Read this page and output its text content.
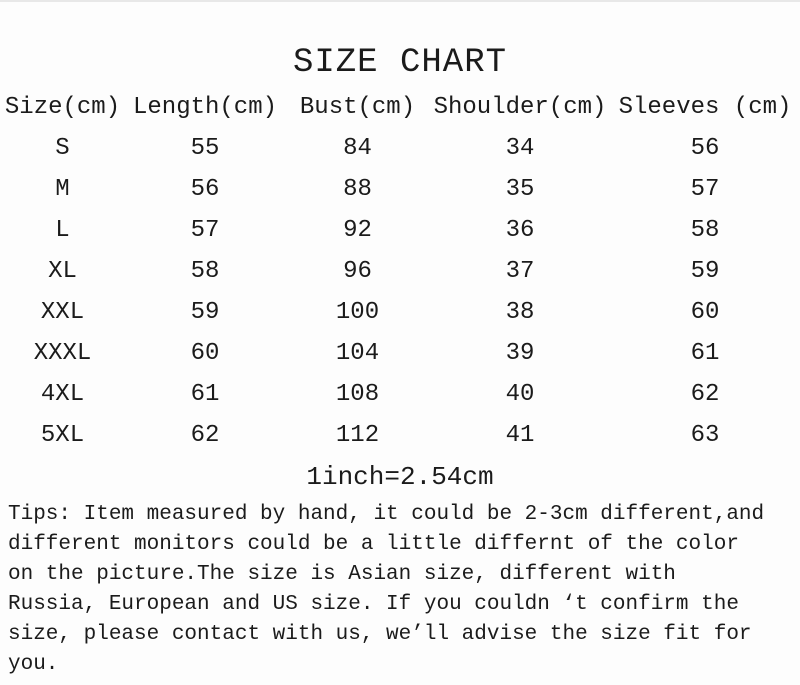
SIZE CHART
Size(cm)	Length(cm)	Bust(cm)	Shoulder(cm)	Sleeves (cm)
S	55	84	34	56
M	56	88	35	57
L	57	92	36	58
XL	58	96	37	59
XXL	59	100	38	60
XXXL	60	104	39	61
4XL	61	108	40	62
5XL	62	112	41	63
1inch=2.54cm
Tips: Item measured by hand, it could be 2-3cm different,and
different monitors could be a little differnt of the color
on the picture.The size is Asian size, different with
Russia, European and US size. If you couldn ‘t confirm the
size, please contact with us, we’ll advise the size fit for
you.
